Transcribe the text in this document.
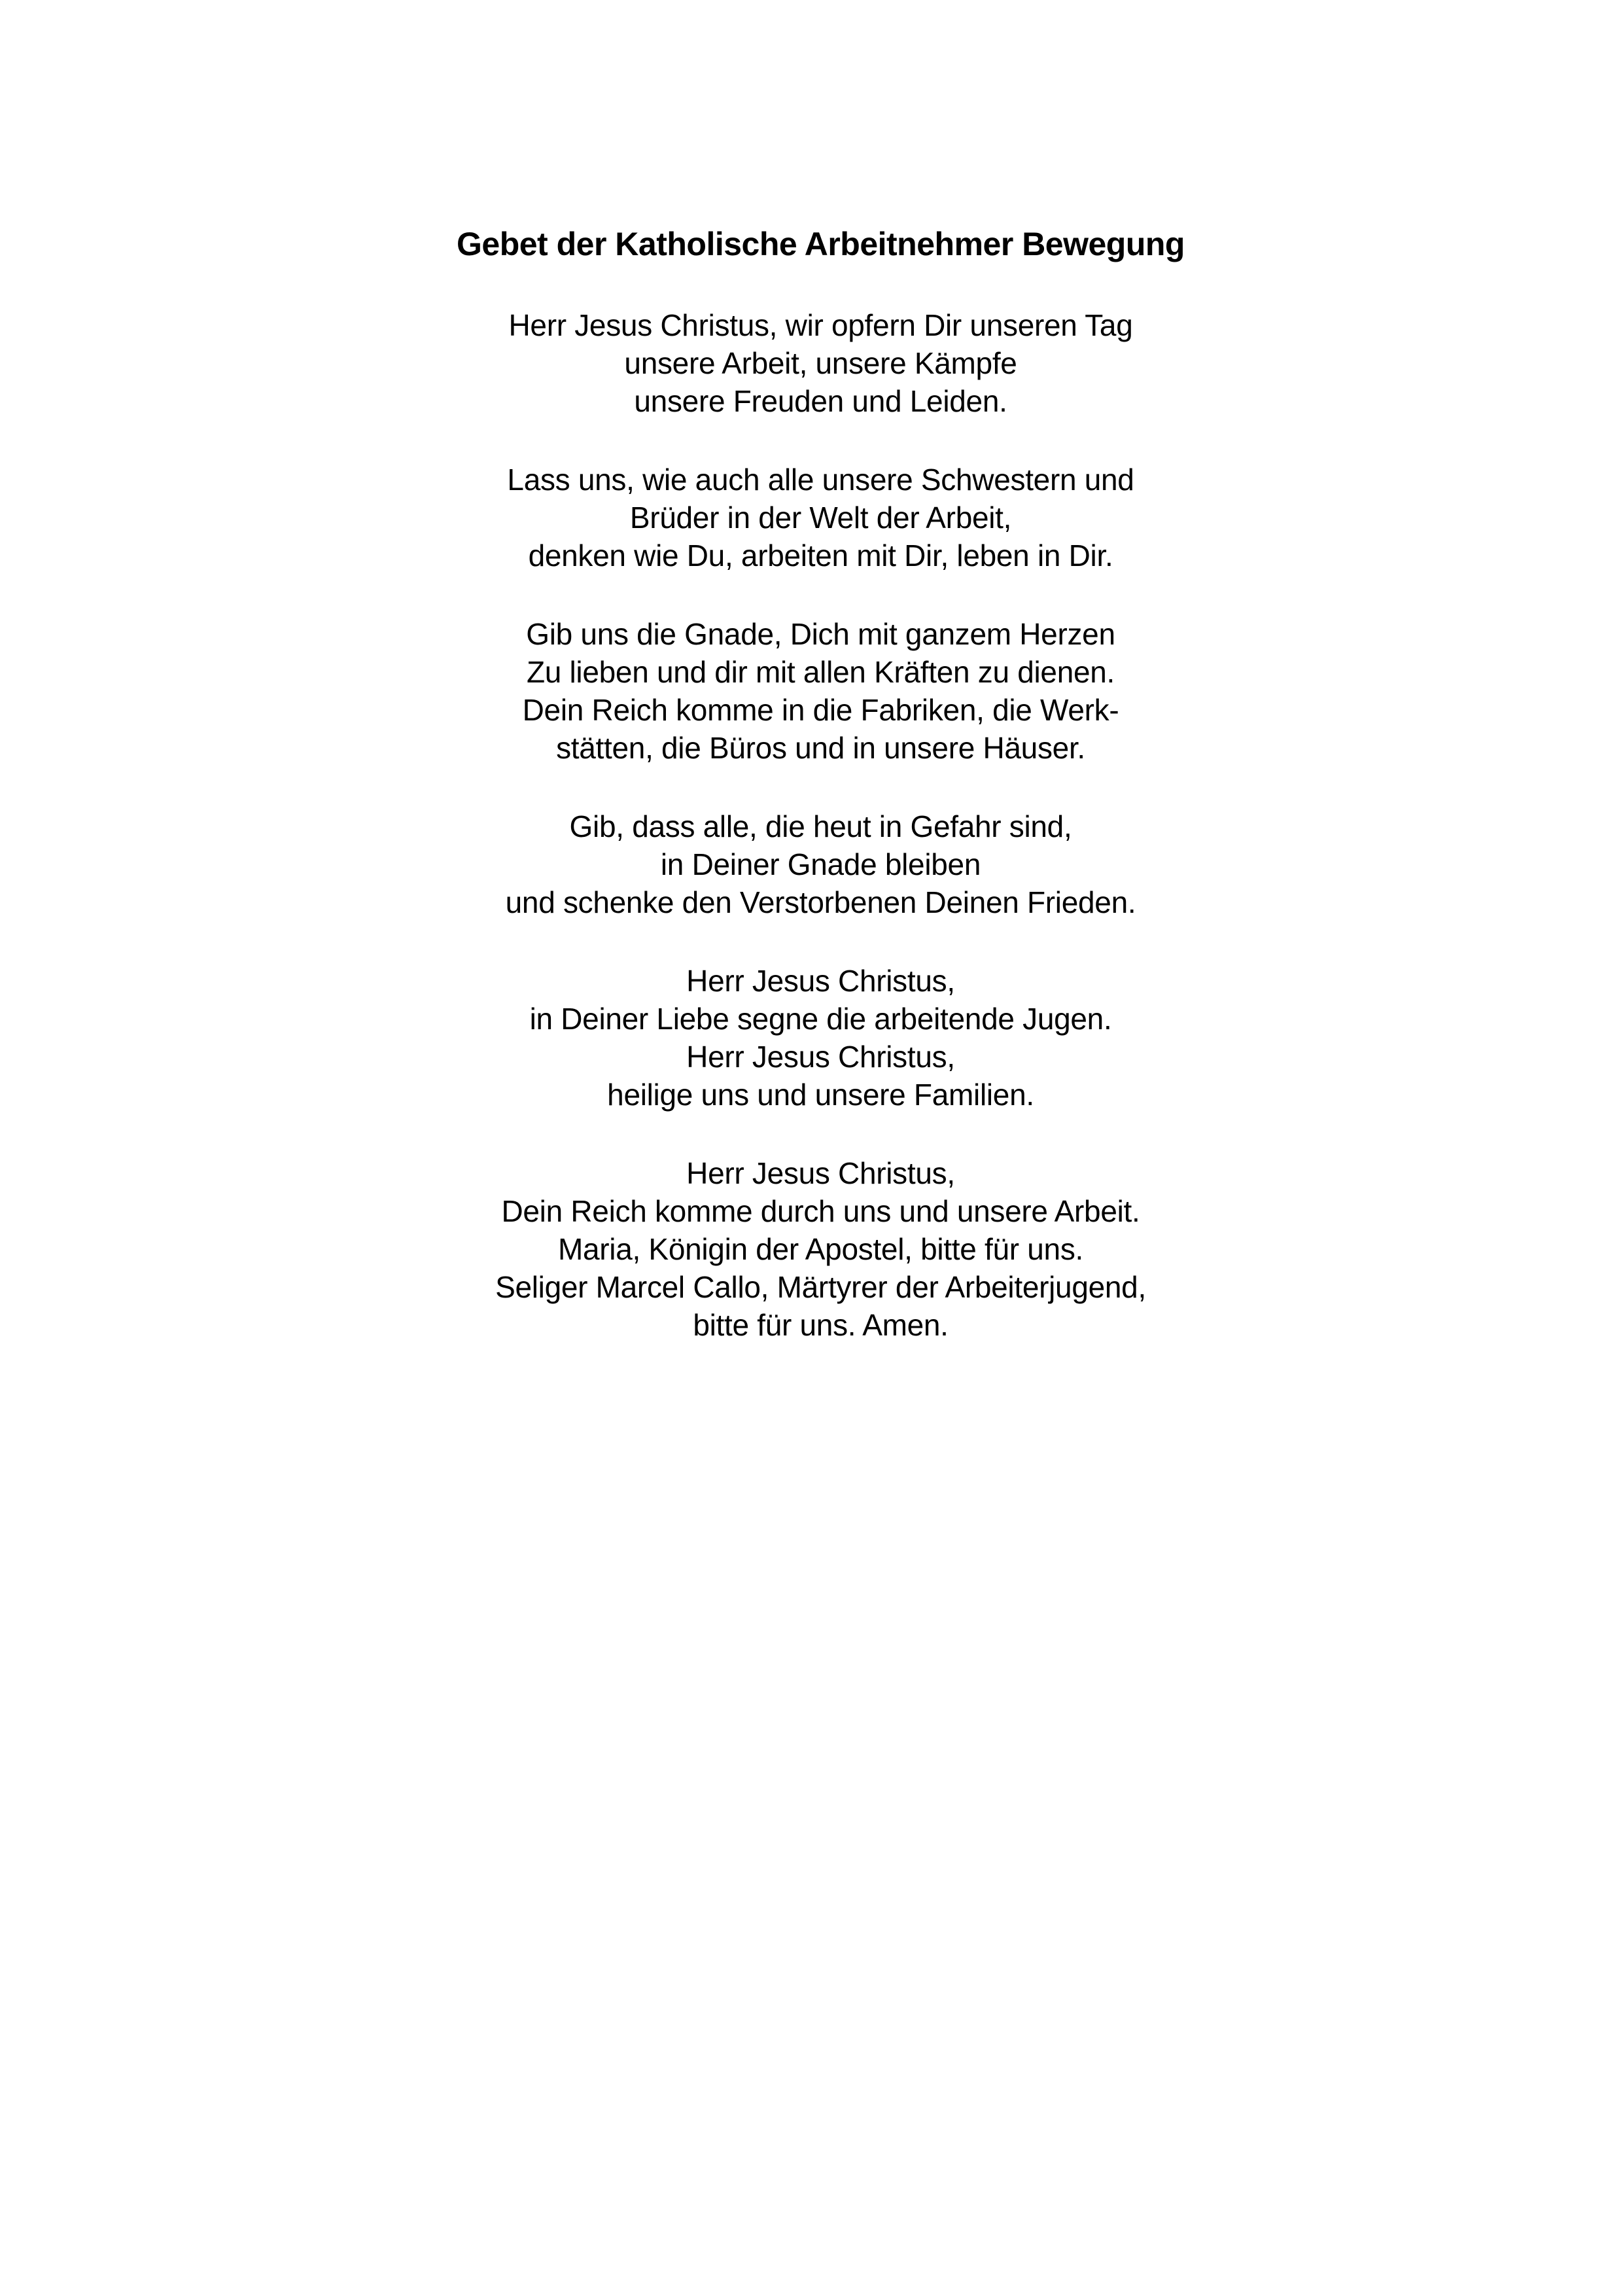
Gebet der Katholische Arbeitnehmer Bewegung
Herr Jesus Christus, wir opfern Dir unseren Tag
unsere Arbeit, unsere Kämpfe
unsere Freuden und Leiden.
Lass uns, wie auch alle unsere Schwestern und
Brüder in der Welt der Arbeit,
denken wie Du, arbeiten mit Dir, leben in Dir.
Gib uns die Gnade, Dich mit ganzem Herzen
Zu lieben und dir mit allen Kräften zu dienen.
Dein Reich komme in die Fabriken, die Werk-
stätten, die Büros und in unsere Häuser.
Gib, dass alle, die heut in Gefahr sind,
in Deiner Gnade bleiben
und schenke den Verstorbenen Deinen Frieden.
Herr Jesus Christus,
in Deiner Liebe segne die arbeitende Jugen.
Herr Jesus Christus,
heilige uns und unsere Familien.
Herr Jesus Christus,
Dein Reich komme durch uns und unsere Arbeit.
Maria, Königin der Apostel, bitte für uns.
Seliger Marcel Callo, Märtyrer der Arbeiterjugend,
bitte für uns. Amen.
